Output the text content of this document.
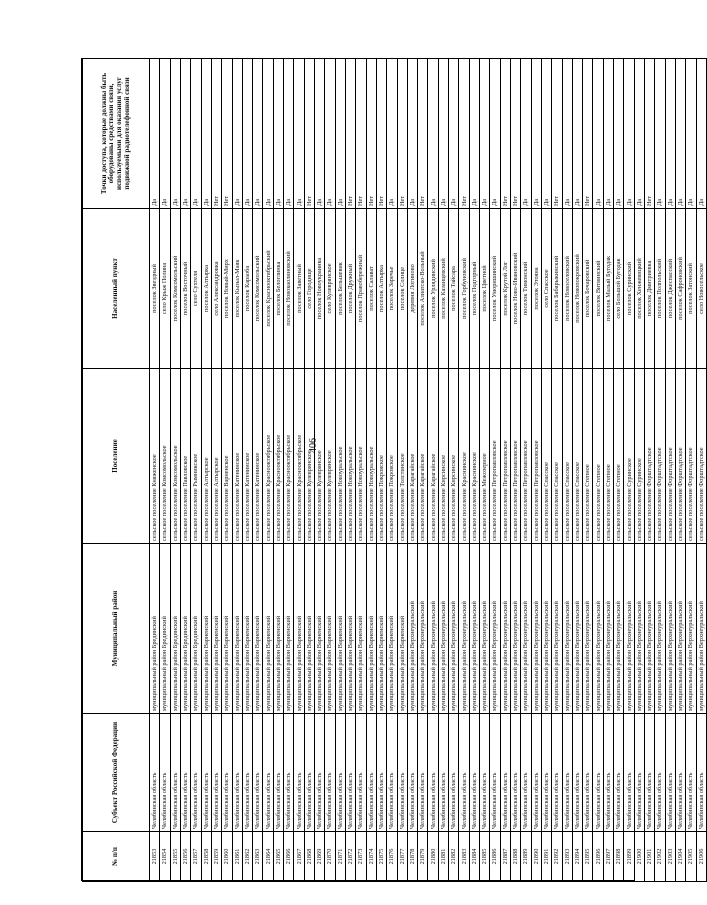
406
№ п/п	Субъект Российской Федерации	Муниципальный район	Поселение	Населенный пункт	Точки доступа, которые должны быть оборудованы средствами связи, используемыми для оказания услуг подвижной радиотелефонной связи
21853	Челябинская область	муниципальный район Брединский	сельское поселение Княженское	поселок Звездный	Да
21854	Челябинская область	муниципальный район Брединский	сельское поселение Комсомольское	село Крыж Полина	Да
21855	Челябинская область	муниципальный район Брединский	сельское поселение Комсомольское	поселок Комсомольский	Да
21856	Челябинская область	муниципальный район Брединский	сельское поселение Павловское	поселок Восточный	Да
21857	Челябинская область	муниципальный район Брединский	сельское поселение Рымникское	село Сухтеля	Да
21858	Челябинская область	муниципальный район Варненский	сельское поселение Алтырское	поселок Алтырка	Да
21859	Челябинская область	муниципальный район Варненский	сельское поселение Алтырское	село Александровка	Нет
21860	Челябинская область	муниципальный район Варненский	сельское поселение Варненское	поселок Новый-Мирх	Нет
21861	Челябинская область	муниципальный район Варненский	сельское поселение Катенинское	поселок Кызыл-Маяк	Да
21862	Челябинская область	муниципальный район Варненский	сельское поселение Катенинское	поселок Караоба	Да
21863	Челябинская область	муниципальный район Варненский	сельское поселение Катенинское	поселок Комсомольский	Да
21864	Челябинская область	муниципальный район Варненский	сельское поселение Краснооктябрьское	поселок Краснооктябрьский	Да
21865	Челябинская область	муниципальный район Варненский	сельское поселение Краснооктябрьское	поселок Белоглинка	Да
21866	Челябинская область	муниципальный район Варненский	сельское поселение Краснооктябрьское	поселок Новокаолиновский	Да
21867	Челябинская область	муниципальный район Варненский	сельское поселение Краснооктябрьское	поселок Заветный	Да
21868	Челябинская область	муниципальный район Варненский	сельское поселение Кулеврянское	село Городище	Нет
21869	Челябинская область	муниципальный район Варненский	сельское поселение Кулеврянское	поселок Новоукраинка	Да
21870	Челябинская область	муниципальный район Варненский	сельское поселение Кулеврянское	село Кулеврянское	Да
21871	Челябинская область	муниципальный район Варненский	сельское поселение Новоуральское	поселок Бельшевик	Да
21872	Челябинская область	муниципальный район Варненский	сельское поселение Новоуральское	поселок Дружный	Нет
21873	Челябинская область	муниципальный район Варненский	сельское поселение Новоуральское	поселок Правобережный	Нет
21874	Челябинская область	муниципальный район Варненский	сельское поселение Новоуральское	поселок Салават	Нет
21875	Челябинская область	муниципальный район Варненский	сельское поселение Покровское	поселок Алтырка	Нет
21876	Челябинская область	муниципальный район Варненский	сельское поселение Покровское	поселок Заречье	Да
21877	Челябинская область	муниципальный район Варненский	сельское поселение Толстинское	поселок Солнце	Нет
21878	Челябинская область	муниципальный район Верхнеуральский	сельское поселение Карагайское	деревня Логиново	Да
21879	Челябинская область	муниципальный район Верхнеуральский	сельское поселение Карагайское	поселок Азиатско-Вольный	Нет
21880	Челябинская область	муниципальный район Верхнеуральский	сельское поселение Карагайское	поселок Урлядинский	Да
21881	Челябинская область	муниципальный район Верхнеуральский	сельское поселение Кирсинское	поселок Казанцевский	Да
21882	Челябинская область	муниципальный район Верхнеуральский	сельское поселение Кирсинское	поселок Тайсара	Да
21883	Челябинская область	муниципальный район Верхнеуральский	сельское поселение Краснинское	поселок Горбуновский	Нет
21884	Челябинская область	муниципальный район Верхнеуральский	сельское поселение Краснинское	поселок Подгорный	Да
21885	Челябинская область	муниципальный район Верхнеуральский	сельское поселение Межозерное	поселок Цветной	Да
21886	Челябинская область	муниципальный район Верхнеуральский	сельское поселение Петропавловское	поселок Уморишинский	Да
21887	Челябинская область	муниципальный район Верхнеуральский	сельское поселение Петропавловское	поселок Крутой Лог	Нет
21888	Челябинская область	муниципальный район Верхнеуральский	сельское поселение Петропавловское	поселок Ново-Ивановский	Нет
21889	Челябинская область	муниципальный район Верхнеуральский	сельское поселение Петропавловское	поселок Тимонский	Да
21890	Челябинская область	муниципальный район Верхнеуральский	сельское поселение Петропавловское	поселок Этояна	Да
21891	Челябинская область	муниципальный район Верхнеуральский	сельское поселение Спасское	село Спасское	Да
21892	Челябинская область	муниципальный район Верхнеуральский	сельское поселение Спасское	поселок Бабарыкинский	Нет
21893	Челябинская область	муниципальный район Верхнеуральский	сельское поселение Спасское	поселок Новоселовский	Да
21894	Челябинская область	муниципальный район Верхнеуральский	сельское поселение Спасское	поселок Новопокровский	Да
21895	Челябинская область	муниципальный район Верхнеуральский	сельское поселение Степное	поселок Бочаровский	Нет
21896	Челябинская область	муниципальный район Верхнеуральский	сельское поселение Степное	поселок Витвинский	Да
21897	Челябинская область	муниципальный район Верхнеуральский	сельское поселение Степное	поселок Малый Бугодак	Да
21898	Челябинская область	муниципальный район Верхнеуральский	сельское поселение Степное	село Большой Бугодак	Да
21899	Челябинская область	муниципальный район Верхнеуральский	сельское поселение Суринское	поселок Суринский	Да
21900	Челябинская область	муниципальный район Верхнеуральский	сельское поселение Суринское	поселок Хенжевицкий	Да
21901	Челябинская область	муниципальный район Верхнеуральский	сельское поселение Форштадтское	поселок Дмитриевка	Нет
21902	Челябинская область	муниципальный район Верхнеуральский	сельское поселение Форштадтское	поселок Полпольский	Да
21903	Челябинская область	муниципальный район Верхнеуральский	сельское поселение Форштадтское	поселок Джеспасский	Да
21904	Челябинская область	муниципальный район Верхнеуральский	сельское поселение Форштадтское	поселок Сафроновский	Да
21905	Челябинская область	муниципальный район Верхнеуральский	сельское поселение Форштадтское	поселок Затонский	Да
21906	Челябинская область	муниципальный район Верхнеуральский	сельское поселение Форштадтское	село Новосельское	Да
